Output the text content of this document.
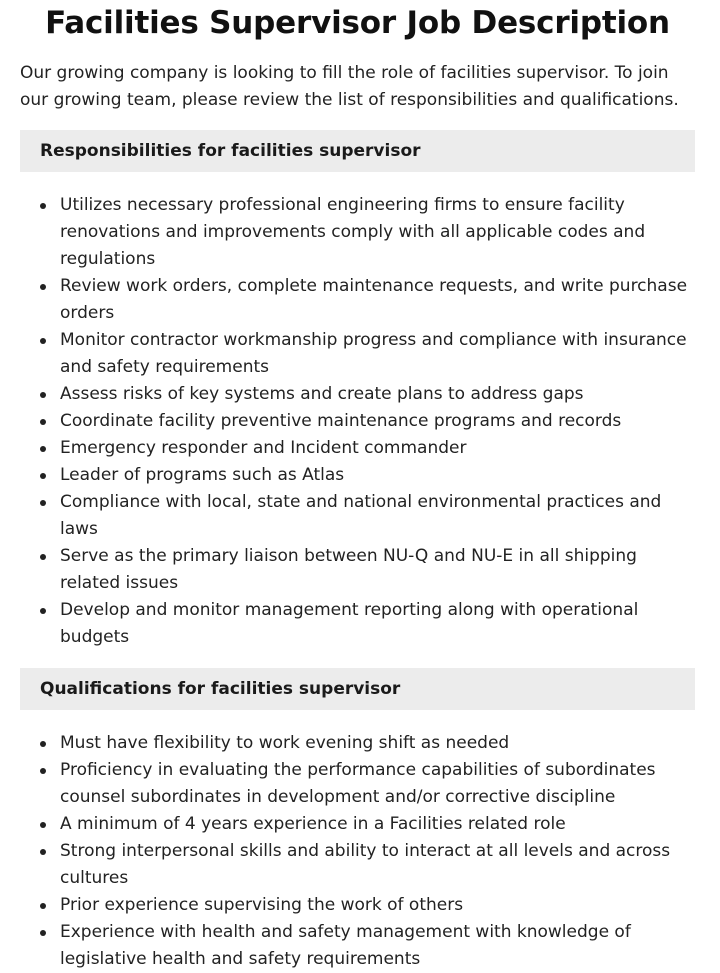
Facilities Supervisor Job Description

Our growing company is looking to fill the role of facilities supervisor. To join our growing team, please review the list of responsibilities and qualifications.

Responsibilities for facilities supervisor
Utilizes necessary professional engineering firms to ensure facility renovations and improvements comply with all applicable codes and regulations
Review work orders, complete maintenance requests, and write purchase orders
Monitor contractor workmanship progress and compliance with insurance and safety requirements
Assess risks of key systems and create plans to address gaps
Coordinate facility preventive maintenance programs and records
Emergency responder and Incident commander
Leader of programs such as Atlas
Compliance with local, state and national environmental practices and laws
Serve as the primary liaison between NU-Q and NU-E in all shipping related issues
Develop and monitor management reporting along with operational budgets
Qualifications for facilities supervisor
Must have flexibility to work evening shift as needed
Proficiency in evaluating the performance capabilities of subordinates counsel subordinates in development and/or corrective discipline
A minimum of 4 years experience in a Facilities related role
Strong interpersonal skills and ability to interact at all levels and across cultures
Prior experience supervising the work of others
Experience with health and safety management with knowledge of legislative health and safety requirements
